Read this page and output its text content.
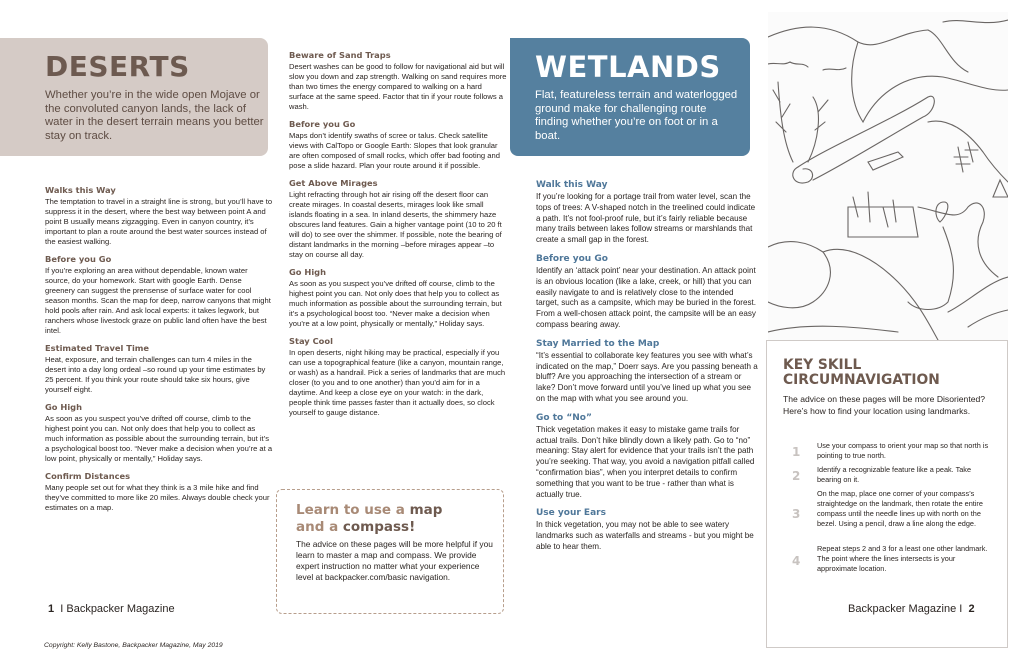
DESERTS
Whether you’re in the wide open Mojave or the convoluted canyon lands, the lack of water in the desert terrain means you better stay on track.
Walks this Way
The temptation to travel in a straight line is strong, but you’ll have to suppress it in the desert, where the best way between point A and point B usually means zigzagging. Even in canyon country, it’s important to plan a route around the best water sources instead of the easiest walking.
Before you Go
If you’re exploring an area without dependable, known water source, do your homework. Start with google Earth. Dense greenery can suggest the prensense of surface water for cool season months. Scan the map for deep, narrow canyons that might hold pools after rain. And ask local experts: it takes legwork, but ranchers whose livestock graze on public land often have the best intel.
Estimated Travel Time
Heat, exposure, and terrain challenges can turn 4 miles in the desert into a day long ordeal –so round up your time estimates by 25 percent. If you think your route should take six hours, give yourself eight.
Go High
As soon as you suspect you’ve drifted off course, climb to the highest point you can. Not only does that help you to collect as much information as possible about the surrounding terrain, but it’s a psychological boost too. “Never make a decision when you’re at a low point, physically or mentally,” Holiday says.
Confirm Distances
Many people set out for what they think is a 3 mile hike and find they’ve committed to more like 20 miles. Always double check your estimates on a map.
Beware of Sand Traps
Desert washes can be good to follow for navigational aid but will slow you down and zap strength. Walking on sand requires more than two times the energy compared to walking on a hard surface at the same speed. Factor that tin if your route follows a wash.
Before you Go
Maps don’t identify swaths of scree or talus. Check satellite views with CalTopo or Google Earth: Slopes that look granular are often composed of small rocks, which offer bad footing and pose a slide hazard. Plan your route around it if possible.
Get Above Mirages
Light refracting through hot air rising off the desert floor can create mirages. In coastal deserts, mirages look like small islands floating in a sea. In inland deserts, the shimmery haze obscures land features. Gain a higher vantage point (10 to 20 ft will do) to see over the shimmer. If possible, note the bearing of distant landmarks in the morning –before mirages appear –to stay on course all day.
Go High
As soon as you suspect you’ve drifted off course, climb to the highest point you can. Not only does that help you to collect as much information as possible about the surrounding terrain, but it’s a psychological boost too. “Never make a decision when you’re at a low point, physically or mentally,” Holiday says.
Stay Cool
In open deserts, night hiking may be practical, especially if you can use a topographical feature (like a canyon, mountain range, or wash) as a handrail. Pick a series of landmarks that are much closer (to you and to one another) than you’d aim for in a daytime. And keep a close eye on your watch: in the dark, people think time passes faster than it actually does, so clock yourself to gauge distance.
Learn to use a map
and a compass!
The advice on these pages will be more helpful if you learn to master a map and compass. We provide expert instruction no matter what your experience level at backpacker.com/basic navigation.
1 I Backpacker Magazine
Copyright: Kelly Bastone, Backpacker Magazine, May 2019
WETLANDS
Flat, featureless terrain and waterlogged ground make for challenging route finding whether you’re on foot or in a boat.
Walk this Way
If you’re looking for a portage trail from water level, scan the tops of trees: A V-shaped notch in the treelined could indicate a path. It’s not fool-proof rule, but it’s fairly reliable because many trails between lakes follow streams or marshlands that create a small gap in the forest.
Before you Go
Identify an ‘attack point’ near your destination. An attack point is an obvious location (like a lake, creek, or hill) that you can easily navigate to and is relatively close to the intended target, such as a campsite, which may be buried in the forest. From a well-chosen attack point, the campsite will be an easy compass bearing away.
Stay Married to the Map
“It’s essential to collaborate key features you see with what’s indicated on the map,” Doerr says. Are you passing beneath a bluff? Are you approaching the intersection of a stream or lake? Don’t move forward until you’ve lined up what you see on the map with what you see around you.
Go to “No”
Thick vegetation makes it easy to mistake game trails for actual trails. Don’t hike blindly down a likely path. Go to “no” meaning: Stay alert for evidence that your trails isn’t the path you’re seeking. That way, you avoid a navigation pitfall called “confirmation bias”, when you interpret details to confirm something that you want to be true - rather than what is actually true.
Use your Ears
In thick vegetation, you may not be able to see watery landmarks such as waterfalls and streams - but you might be able to hear them.
KEY SKILL
CIRCUMNAVIGATION
The advice on these pages will be more Disoriented? Here’s how to find your location using landmarks.
1 Use your compass to orient your map so that north is pointing to true north.
2 Identify a recognizable feature like a peak. Take bearing on it.
3
On the map, place one corner of your compass’s straightedge on the landmark, then rotate the entire compass until the needle lines up with north on the bezel. Using a pencil, draw a line along the edge.
4
Repeat steps 2 and 3 for a least one other landmark. The point where the lines intersects is your approximate location.
Backpacker Magazine I 2
